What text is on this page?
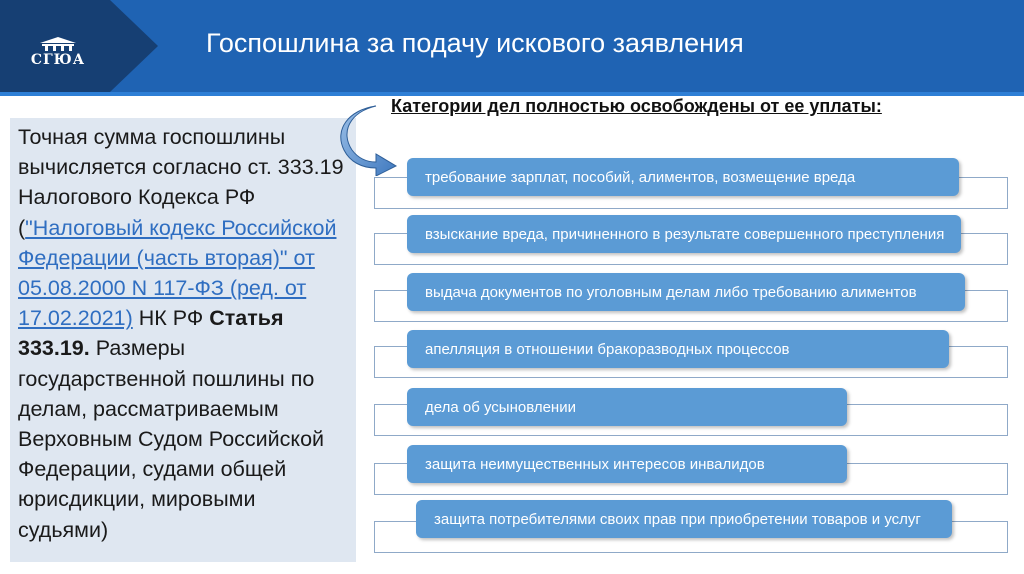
СГЮА
Госпошлина за подачу искового заявления

Точная сумма госпошлины вычисляется согласно ст. 333.19 Налогового Кодекса РФ ("Налоговый кодекс Российской Федерации (часть вторая)" от 05.08.2000 N 117-ФЗ (ред. от 17.02.2021) НК РФ Статья 333.19. Размеры государственной пошлины по делам, рассматриваемым Верховным Судом Российской Федерации, судами общей юрисдикции, мировыми судьями)

Категории дел полностью освобождены от ее уплаты:
требование зарплат, пособий, алиментов, возмещение вреда
взыскание вреда, причиненного в результате совершенного преступления
выдача документов по уголовным делам либо требованию алиментов
апелляция в отношении бракоразводных процессов
дела об усыновлении
защита неимущественных интересов инвалидов
защита потребителями своих прав при приобретении товаров и услуг
